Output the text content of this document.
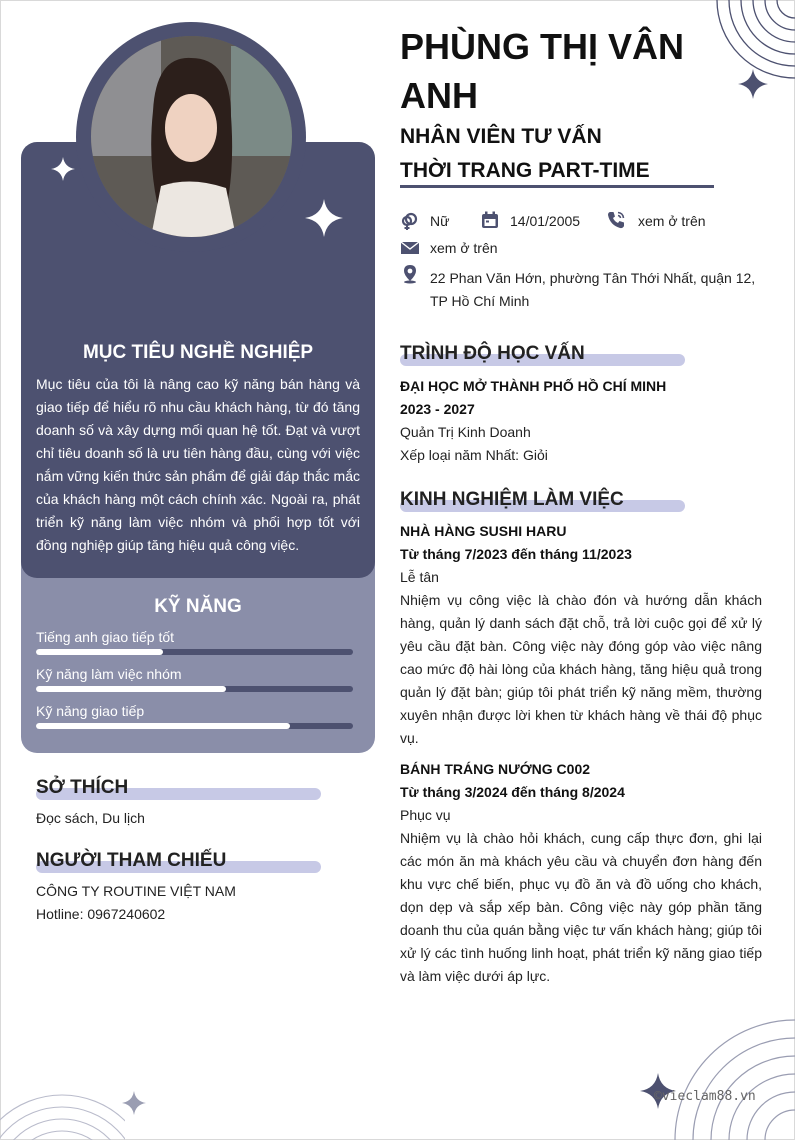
MỤC TIÊU NGHỀ NGHIỆP
Mục tiêu của tôi là nâng cao kỹ năng bán hàng và giao tiếp để hiểu rõ nhu cầu khách hàng, từ đó tăng doanh số và xây dựng mối quan hệ tốt. Đạt và vượt chỉ tiêu doanh số là ưu tiên hàng đầu, cùng với việc nắm vững kiến thức sản phẩm để giải đáp thắc mắc của khách hàng một cách chính xác. Ngoài ra, phát triển kỹ năng làm việc nhóm và phối hợp tốt với đồng nghiệp giúp tăng hiệu quả công việc.
KỸ NĂNG
Tiếng anh giao tiếp tốt
Kỹ năng làm việc nhóm
Kỹ năng giao tiếp
SỞ THÍCH
Đọc sách, Du lịch
NGƯỜI THAM CHIẾU
CÔNG TY ROUTINE VIỆT NAM
Hotline: 0967240602
PHÙNG THỊ VÂN ANH
NHÂN VIÊN TƯ VẤN
THỜI TRANG PART-TIME
Nữ	14/01/2005	xem ở trên
xem ở trên
22 Phan Văn Hớn, phường Tân Thới Nhất, quận 12, TP Hồ Chí Minh
TRÌNH ĐỘ HỌC VẤN
ĐẠI HỌC MỞ THÀNH PHỐ HỒ CHÍ MINH
2023 - 2027
Quản Trị Kinh Doanh
Xếp loại năm Nhất: Giỏi
KINH NGHIỆM LÀM VIỆC
NHÀ HÀNG SUSHI HARU
Từ tháng 7/2023 đến tháng 11/2023
Lễ tân
Nhiệm vụ công việc là chào đón và hướng dẫn khách hàng, quản lý danh sách đặt chỗ, trả lời cuộc gọi để xử lý yêu cầu đặt bàn. Công việc này đóng góp vào việc nâng cao mức độ hài lòng của khách hàng, tăng hiệu quả trong quản lý đặt bàn; giúp tôi phát triển kỹ năng mềm, thường xuyên nhận được lời khen từ khách hàng về thái độ phục vụ.
BÁNH TRÁNG NƯỚNG C002
Từ tháng 3/2024 đến tháng 8/2024
Phục vụ
Nhiệm vụ là chào hỏi khách, cung cấp thực đơn, ghi lại các món ăn mà khách yêu cầu và chuyển đơn hàng đến khu vực chế biến, phục vụ đồ ăn và đồ uống cho khách, dọn dẹp và sắp xếp bàn. Công việc này góp phần tăng doanh thu của quán bằng việc tư vấn khách hàng; giúp tôi xử lý các tình huống linh hoạt, phát triển kỹ năng giao tiếp và làm việc dưới áp lực.
©vieclam88.vn
